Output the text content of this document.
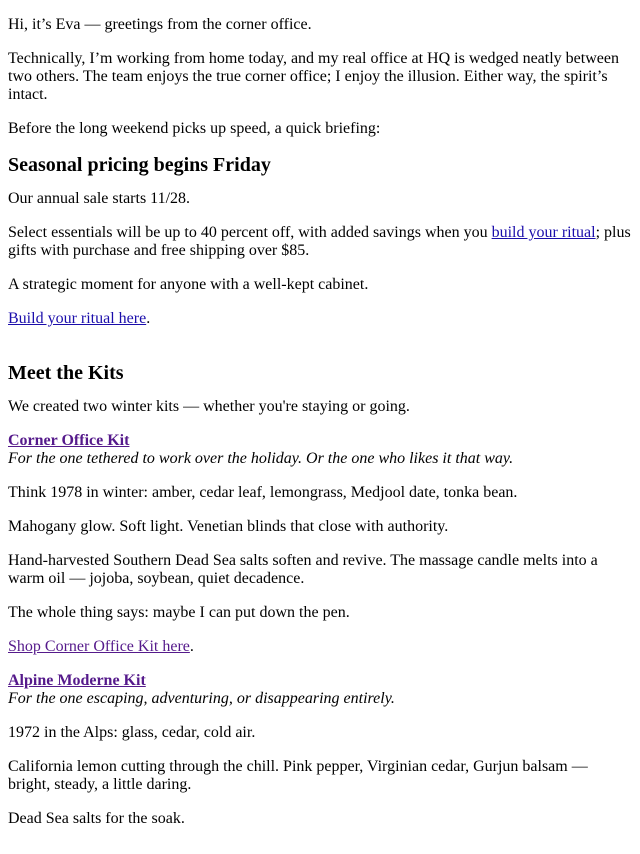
Hi, it’s Eva — greetings from the corner office.

Technically, I’m working from home today, and my real office at HQ is wedged neatly between two others. The team enjoys the true corner office; I enjoy the illusion. Either way, the spirit’s intact.

Before the long weekend picks up speed, a quick briefing:

Seasonal pricing begins Friday

Our annual sale starts 11/28.

Select essentials will be up to 40 percent off, with added savings when you build your ritual; plus gifts with purchase and free shipping over $85.

A strategic moment for anyone with a well-kept cabinet.

Build your ritual here.

Meet the Kits

We created two winter kits — whether you're staying or going.

Corner Office Kit
For the one tethered to work over the holiday. Or the one who likes it that way.

Think 1978 in winter: amber, cedar leaf, lemongrass, Medjool date, tonka bean.

Mahogany glow. Soft light. Venetian blinds that close with authority.

Hand-harvested Southern Dead Sea salts soften and revive. The massage candle melts into a warm oil — jojoba, soybean, quiet decadence.

The whole thing says: maybe I can put down the pen.

Shop Corner Office Kit here.

Alpine Moderne Kit
For the one escaping, adventuring, or disappearing entirely.

1972 in the Alps: glass, cedar, cold air.

California lemon cutting through the chill. Pink pepper, Virginian cedar, Gurjun balsam — bright, steady, a little daring.

Dead Sea salts for the soak.
